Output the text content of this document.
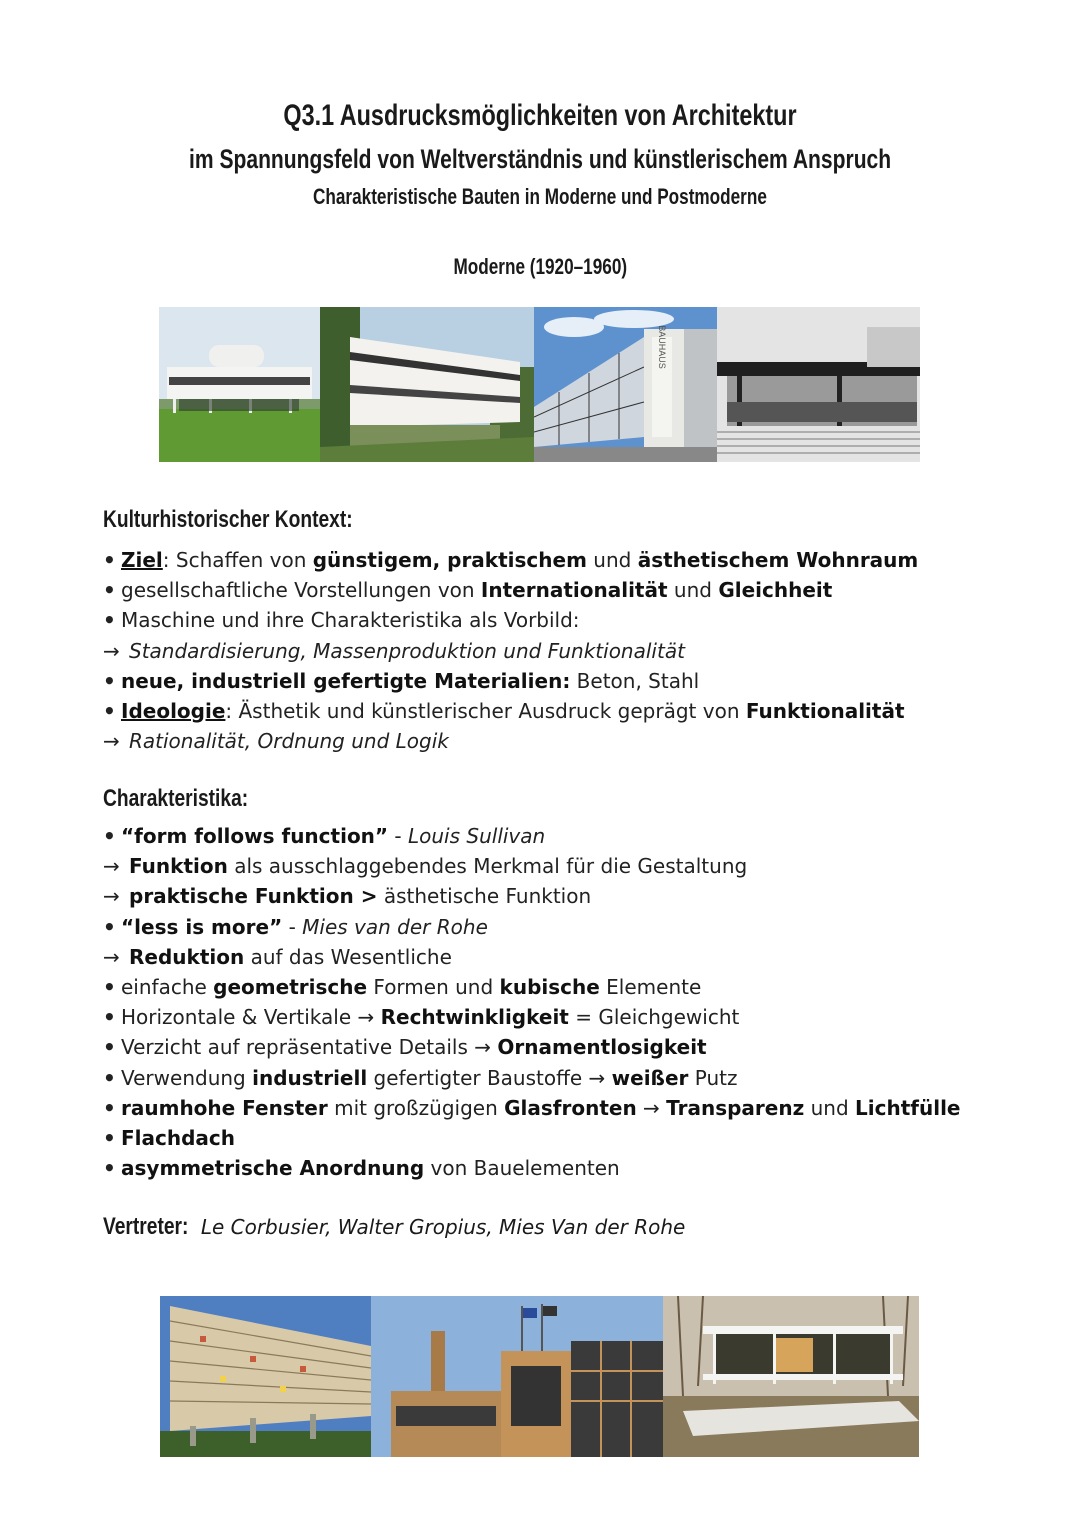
Q3.1 Ausdrucksmöglichkeiten von Architektur
im Spannungsfeld von Weltverständnis und künstlerischem Anspruch
Charakteristische Bauten in Moderne und Postmoderne
Moderne (1920–1960)
BAUHAUS
Kulturhistorischer Kontext:
• Ziel: Schaffen von günstigem, praktischem und ästhetischem Wohnraum
• gesellschaftliche Vorstellungen von Internationalität und Gleichheit
• Maschine und ihre Charakteristika als Vorbild:
→ Standardisierung, Massenproduktion und Funktionalität
• neue, industriell gefertigte Materialien: Beton, Stahl
• Ideologie: Ästhetik und künstlerischer Ausdruck geprägt von Funktionalität
→ Rationalität, Ordnung und Logik
Charakteristika:
• “form follows function” - Louis Sullivan
→ Funktion als ausschlaggebendes Merkmal für die Gestaltung
→ praktische Funktion > ästhetische Funktion
• “less is more” - Mies van der Rohe
→ Reduktion auf das Wesentliche
• einfache geometrische Formen und kubische Elemente
• Horizontale & Vertikale → Rechtwinkligkeit = Gleichgewicht
• Verzicht auf repräsentative Details → Ornamentlosigkeit
• Verwendung industriell gefertigter Baustoffe → weißer Putz
• raumhohe Fenster mit großzügigen Glasfronten → Transparenz und Lichtfülle
• Flachdach
• asymmetrische Anordnung von Bauelementen
Vertreter: Le Corbusier, Walter Gropius, Mies Van der Rohe
